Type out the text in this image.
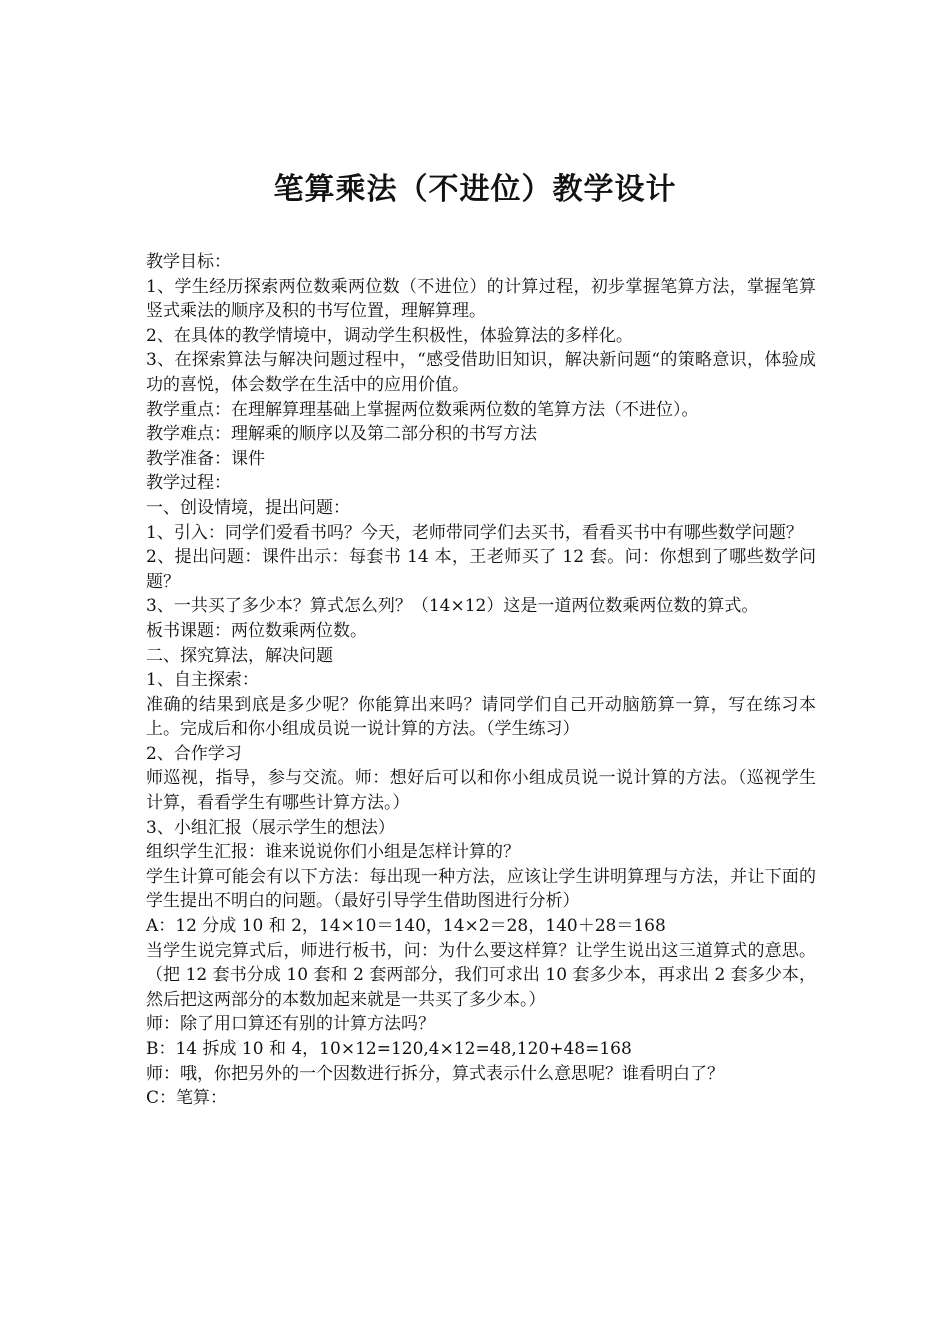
笔算乘法（不进位）教学设计

教学目标：

1、学生经历探索两位数乘两位数（不进位）的计算过程，初步掌握笔算方法，掌握笔算竖式乘法的顺序及积的书写位置，理解算理。

2、在具体的教学情境中，调动学生积极性，体验算法的多样化。

3、在探索算法与解决问题过程中，“感受借助旧知识，解决新问题“的策略意识，体验成功的喜悦，体会数学在生活中的应用价值。

教学重点：在理解算理基础上掌握两位数乘两位数的笔算方法（不进位）。

教学难点：理解乘的顺序以及第二部分积的书写方法

教学准备：课件

教学过程：

一、创设情境，提出问题：

1、引入：同学们爱看书吗？今天，老师带同学们去买书，看看买书中有哪些数学问题？

2、提出问题：课件出示：每套书 14 本，王老师买了 12 套。问：你想到了哪些数学问题？

3、一共买了多少本？算式怎么列？（14×12）这是一道两位数乘两位数的算式。

板书课题：两位数乘两位数。

二、探究算法，解决问题

1、自主探索：

准确的结果到底是多少呢？你能算出来吗？请同学们自己开动脑筋算一算，写在练习本上。完成后和你小组成员说一说计算的方法。（学生练习）

2、合作学习

师巡视，指导，参与交流。师：想好后可以和你小组成员说一说计算的方法。（巡视学生计算，看看学生有哪些计算方法。）

3、小组汇报（展示学生的想法）

组织学生汇报：谁来说说你们小组是怎样计算的？

学生计算可能会有以下方法：每出现一种方法，应该让学生讲明算理与方法，并让下面的学生提出不明白的问题。（最好引导学生借助图进行分析）

A：12 分成 10 和 2，14×10＝140，14×2＝28，140＋28＝168

当学生说完算式后，师进行板书，问：为什么要这样算？让学生说出这三道算式的意思。（把 12 套书分成 10 套和 2 套两部分，我们可求出 10 套多少本，再求出 2 套多少本，然后把这两部分的本数加起来就是一共买了多少本。）

师：除了用口算还有别的计算方法吗？

B：14 拆成 10 和 4，10×12=120,4×12=48,120+48=168

师：哦，你把另外的一个因数进行拆分，算式表示什么意思呢？谁看明白了？

C：笔算：
